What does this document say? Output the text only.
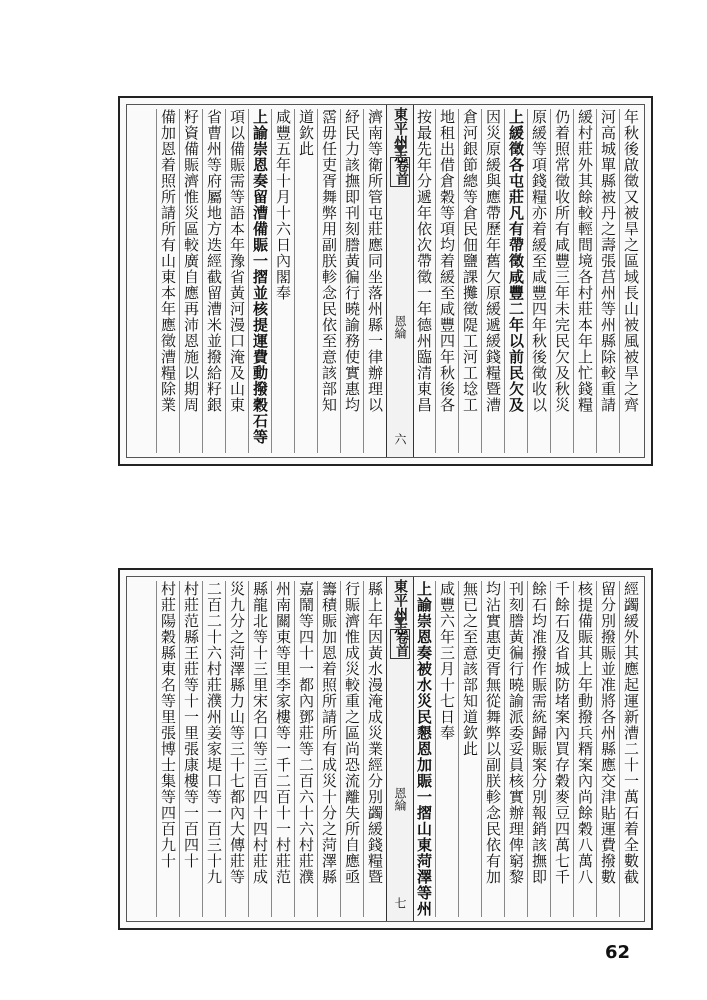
年秋後啟徵又被旱之區域長山被風被旱之齊
河高城單縣被丹之壽張莒州等州縣除較重請
緩村莊外其餘較輕間境各村莊本年上忙錢糧
仍着照常徵收所有咸豐三年未完民欠及秋災
原緩等項錢糧亦着緩至咸豐四年秋後徵收以
上緩徵各屯莊凡有帶徵咸豐二年以前民欠及
因災原緩與應帶歷年舊欠原緩遞緩錢糧暨漕
倉河銀節總等倉民佃鹽課攤徵隄工河工埝工
地租出借倉穀等項均着緩至咸豐四年秋後各
按最先年分遞年依次帶徵一年德州臨清東昌
東平州志
卷首
恩綸
六
濟南等衛所管屯莊應同坐落州縣一律辦理以
紓民力該撫即刊刻謄黃徧行曉諭務使實惠均
霑毋任吏胥舞弊用副朕軫念民依至意該部知
道欽此
咸豐五年十月十六日內閣奉
上諭崇恩奏留漕備賑一摺並核提運費動撥穀石等
項以備賑需等語本年豫省黃河漫口淹及山東
省曹州等府屬地方迭經截留漕米並撥給籽銀
籽資備賑濟惟災區較廣自應再沛恩施以期周
備加恩着照所請所有山東本年應徵漕糧除業
經蠲緩外其應起運新漕二十一萬石着全數截
留分別撥賑並准將各州縣應交津貼運費撥數
核提備賑其上年動撥兵糈案內尚餘穀八萬八
千餘石及省城防堵案內買存穀麥豆四萬七千
餘石均准撥作賑需統歸賑案分別報銷該撫即
刊刻謄黃徧行曉諭派委妥員核實辦理俾窮黎
均沾實惠吏胥無從舞弊以副朕軫念民依有加
無已之至意該部知道欽此
咸豐六年三月十七日奉
上諭崇恩奏被水災民懇恩加賑一摺山東菏澤等州
東平州志
卷首
恩綸
七
縣上年因黃水漫淹成災業經分別蠲緩錢糧暨
行賑濟惟成災較重之區尚恐流離失所自應亟
籌積賑加恩着照所請所有成災十分之菏澤縣
嘉鬧等四十一都內鄧莊等二百六十六村莊濮
州南關東等里李家樓等一千二百十一村莊范
縣龍北等十三里宋名口等三百四十四村莊成
災九分之菏澤縣力山等三十七都內大傳莊等
二百二十六村莊濮州姜家堤口等一百三十九
村莊范縣王莊等十一里張康樓等一百四十
村莊陽穀縣東名等里張博士集等四百九十
62
